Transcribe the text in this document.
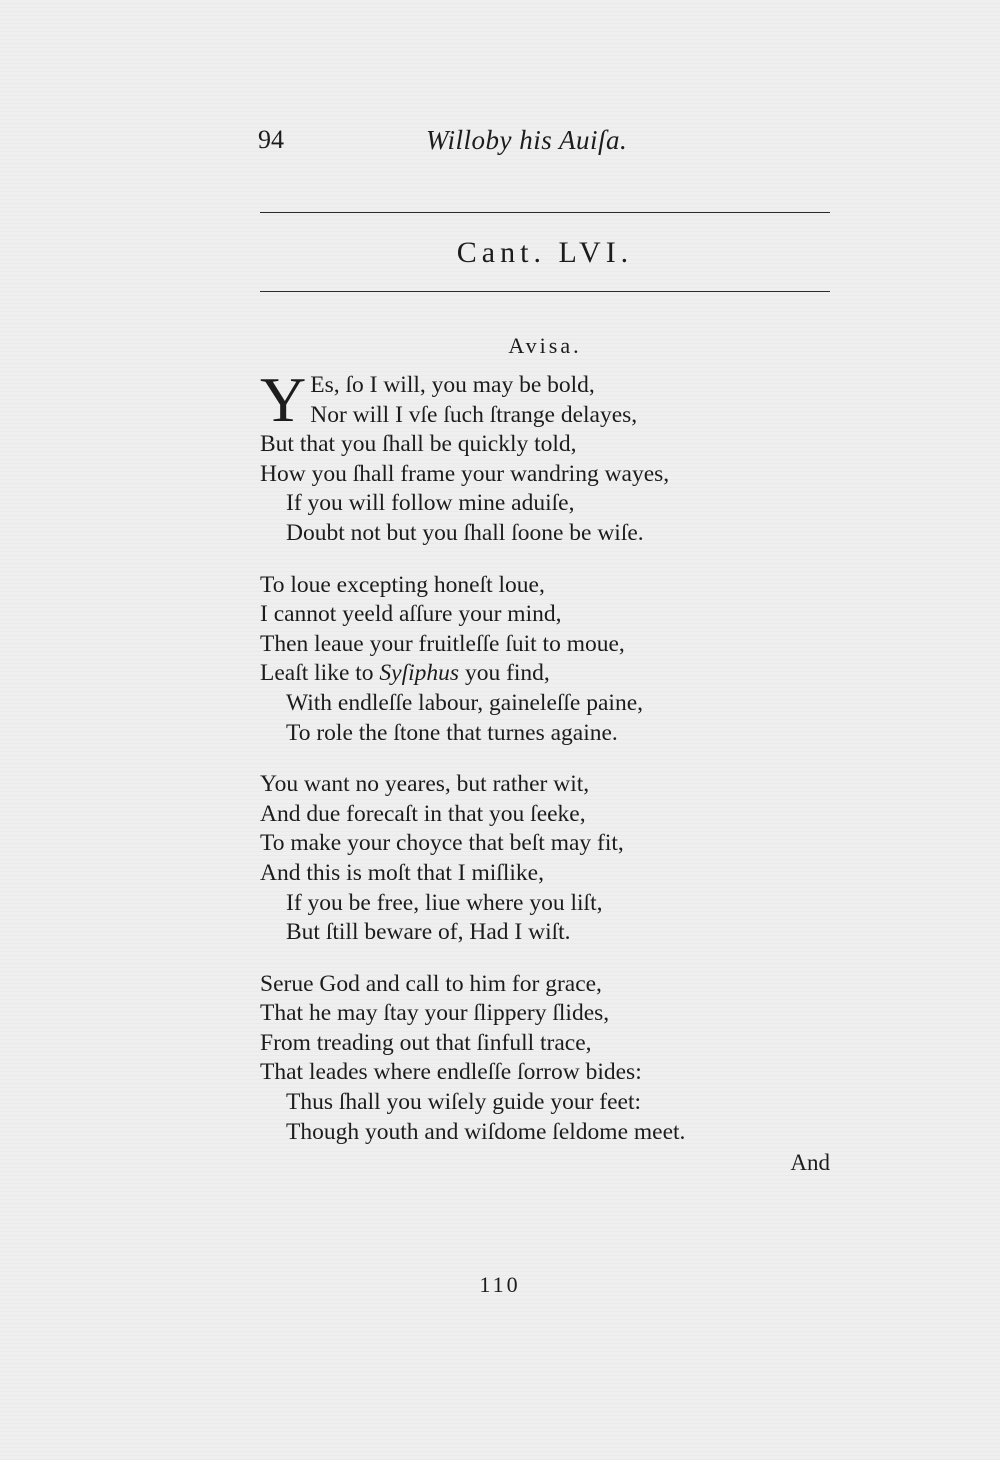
94	Willoby his Auiſa.
Cant. LVI.
Avisa.
Y Es, ſo I will, you may be bold,
Nor will I vſe ſuch ſtrange delayes,
But that you ſhall be quickly told,
How you ſhall frame your wandring wayes,
If you will follow mine aduiſe,
Doubt not but you ſhall ſoone be wiſe.
To loue excepting honeſt loue,
I cannot yeeld aſſure your mind,
Then leaue your fruitleſſe ſuit to moue,
Leaſt like to Syſiphus you find,
With endleſſe labour, gaineleſſe paine,
To role the ſtone that turnes againe.
You want no yeares, but rather wit,
And due forecaſt in that you ſeeke,
To make your choyce that beſt may fit,
And this is moſt that I miſlike,
If you be free, liue where you liſt,
But ſtill beware of, Had I wiſt.
Serue God and call to him for grace,
That he may ſtay your ſlippery ſlides,
From treading out that ſinfull trace,
That leades where endleſſe ſorrow bides:
Thus ſhall you wiſely guide your feet:
Though youth and wiſdome ſeldome meet.
And
110
